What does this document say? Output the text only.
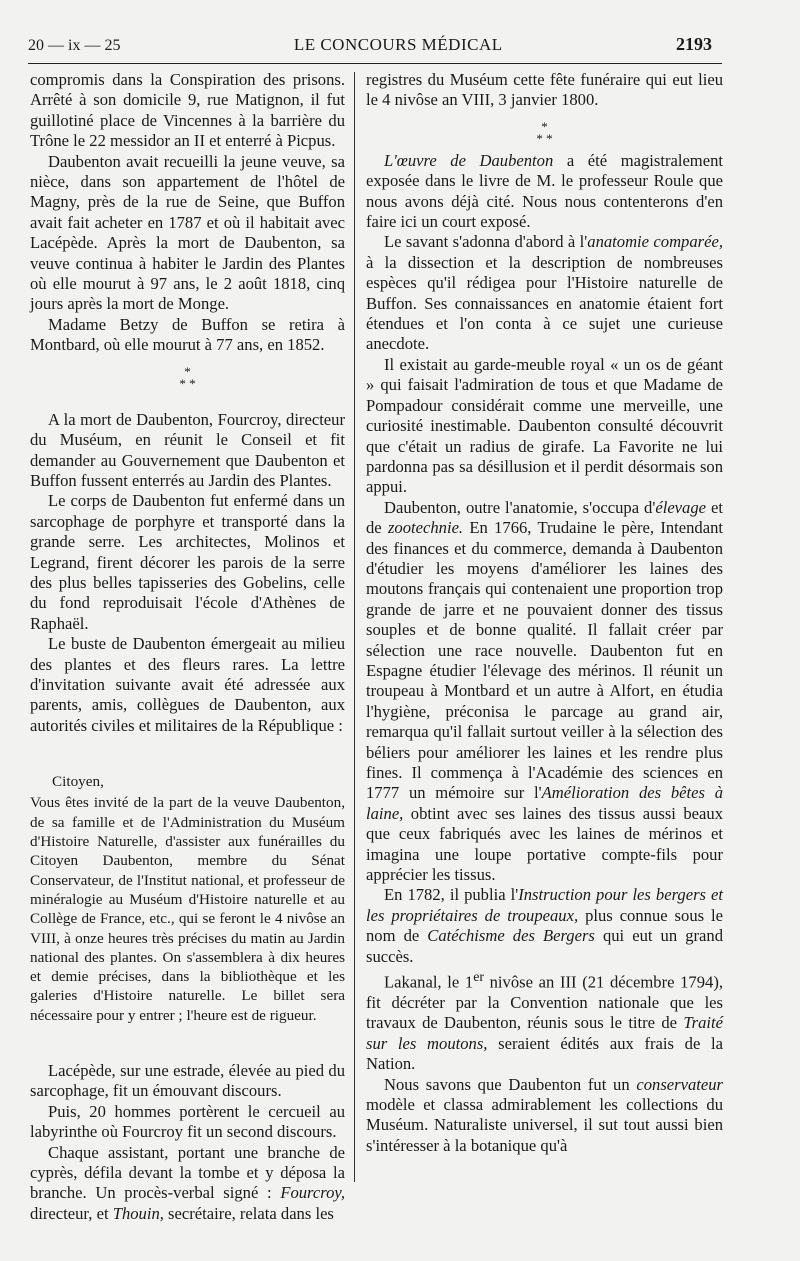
20 — ix — 25	LE CONCOURS MÉDICAL	2193

compromis dans la Conspiration des prisons. Arrêté à son domicile 9, rue Matignon, il fut guillotiné place de Vincennes à la barrière du Trône le 22 messidor an II et enterré à Picpus.

Daubenton avait recueilli la jeune veuve, sa nièce, dans son appartement de l'hôtel de Magny, près de la rue de Seine, que Buffon avait fait acheter en 1787 et où il habitait avec Lacépède. Après la mort de Daubenton, sa veuve continua à habiter le Jardin des Plantes où elle mourut à 97 ans, le 2 août 1818, cinq jours après la mort de Monge.

Madame Betzy de Buffon se retira à Montbard, où elle mourut à 77 ans, en 1852.

*
* *

A la mort de Daubenton, Fourcroy, directeur du Muséum, en réunit le Conseil et fit demander au Gouvernement que Daubenton et Buffon fussent enterrés au Jardin des Plantes.

Le corps de Daubenton fut enfermé dans un sarcophage de porphyre et transporté dans la grande serre. Les architectes, Molinos et Legrand, firent décorer les parois de la serre des plus belles tapisseries des Gobelins, celle du fond reproduisait l'école d'Athènes de Raphaël.

Le buste de Daubenton émergeait au milieu des plantes et des fleurs rares. La lettre d'invitation suivante avait été adressée aux parents, amis, collègues de Daubenton, aux autorités civiles et militaires de la République :

Citoyen,

Vous êtes invité de la part de la veuve Daubenton, de sa famille et de l'Administration du Muséum d'Histoire Naturelle, d'assister aux funérailles du Citoyen Daubenton, membre du Sénat Conservateur, de l'Institut national, et professeur de minéralogie au Muséum d'Histoire naturelle et au Collège de France, etc., qui se feront le 4 nivôse an VIII, à onze heures très précises du matin au Jardin national des plantes. On s'assemblera à dix heures et demie précises, dans la bibliothèque et les galeries d'Histoire naturelle. Le billet sera nécessaire pour y entrer ; l'heure est de rigueur.

Lacépède, sur une estrade, élevée au pied du sarcophage, fit un émouvant discours.

Puis, 20 hommes portèrent le cercueil au labyrinthe où Fourcroy fit un second discours.

Chaque assistant, portant une branche de cyprès, défila devant la tombe et y déposa la branche. Un procès-verbal signé : Fourcroy, directeur, et Thouin, secrétaire, relata dans les

registres du Muséum cette fête funéraire qui eut lieu le 4 nivôse an VIII, 3 janvier 1800.

*
* *

L'œuvre de Daubenton a été magistralement exposée dans le livre de M. le professeur Roule que nous avons déjà cité. Nous nous contenterons d'en faire ici un court exposé.

Le savant s'adonna d'abord à l'anatomie comparée, à la dissection et la description de nombreuses espèces qu'il rédigea pour l'Histoire naturelle de Buffon. Ses connaissances en anatomie étaient fort étendues et l'on conta à ce sujet une curieuse anecdote.

Il existait au garde-meuble royal « un os de géant » qui faisait l'admiration de tous et que Madame de Pompadour considérait comme une merveille, une curiosité inestimable. Daubenton consulté découvrit que c'était un radius de girafe. La Favorite ne lui pardonna pas sa désillusion et il perdit désormais son appui.

Daubenton, outre l'anatomie, s'occupa d'élevage et de zootechnie. En 1766, Trudaine le père, Intendant des finances et du commerce, demanda à Daubenton d'étudier les moyens d'améliorer les laines des moutons français qui contenaient une proportion trop grande de jarre et ne pouvaient donner des tissus souples et de bonne qualité. Il fallait créer par sélection une race nouvelle. Daubenton fut en Espagne étudier l'élevage des mérinos. Il réunit un troupeau à Montbard et un autre à Alfort, en étudia l'hygiène, préconisa le parcage au grand air, remarqua qu'il fallait surtout veiller à la sélection des béliers pour améliorer les laines et les rendre plus fines. Il commença à l'Académie des sciences en 1777 un mémoire sur l'Amélioration des bêtes à laine, obtint avec ses laines des tissus aussi beaux que ceux fabriqués avec les laines de mérinos et imagina une loupe portative compte-fils pour apprécier les tissus.

En 1782, il publia l'Instruction pour les bergers et les propriétaires de troupeaux, plus connue sous le nom de Catéchisme des Bergers qui eut un grand succès.

Lakanal, le 1er nivôse an III (21 décembre 1794), fit décréter par la Convention nationale que les travaux de Daubenton, réunis sous le titre de Traité sur les moutons, seraient édités aux frais de la Nation.

Nous savons que Daubenton fut un conservateur modèle et classa admirablement les collections du Muséum. Naturaliste universel, il sut tout aussi bien s'intéresser à la botanique qu'à
